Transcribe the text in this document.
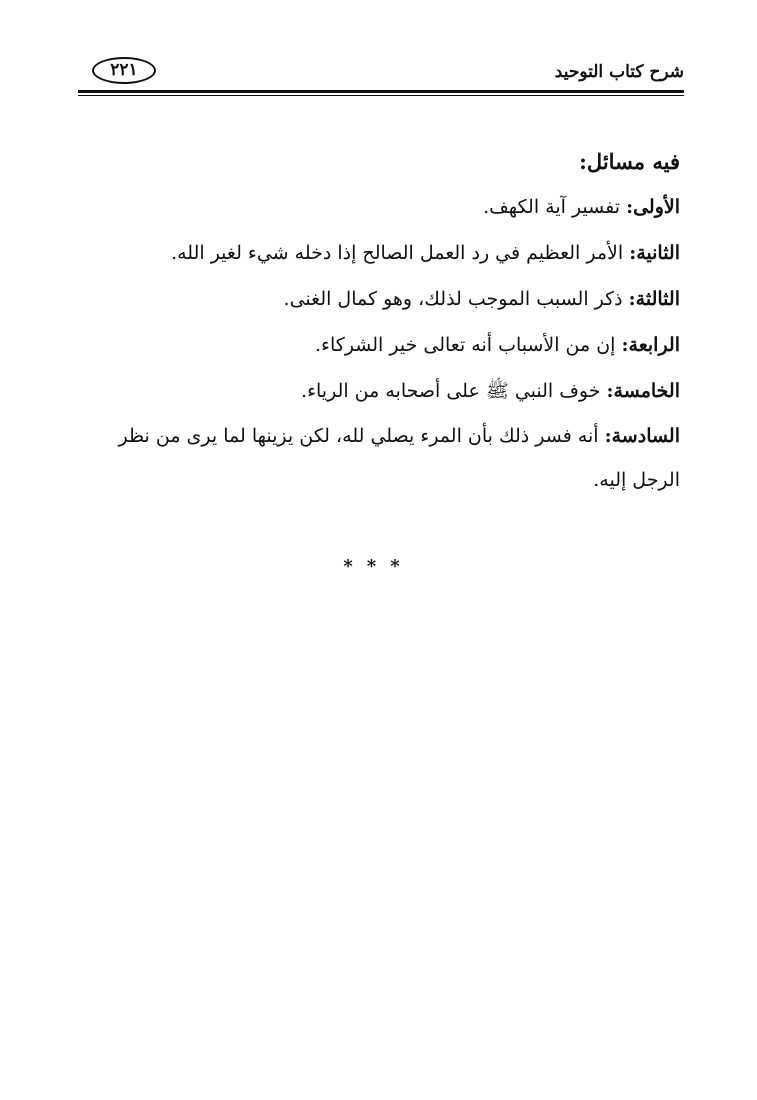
شرح كتاب التوحيد
٢٢١
فيه مسائل:

الأولى: تفسير آية الكهف.

الثانية: الأمر العظيم في رد العمل الصالح إذا دخله شيء لغير الله.

الثالثة: ذكر السبب الموجب لذلك، وهو كمال الغنى.

الرابعة: إن من الأسباب أنه تعالى خير الشركاء.

الخامسة: خوف النبي ﷺ على أصحابه من الرياء.

السادسة: أنه فسر ذلك بأن المرء يصلي لله، لكن يزينها لما يرى من نظر الرجل إليه.

***
